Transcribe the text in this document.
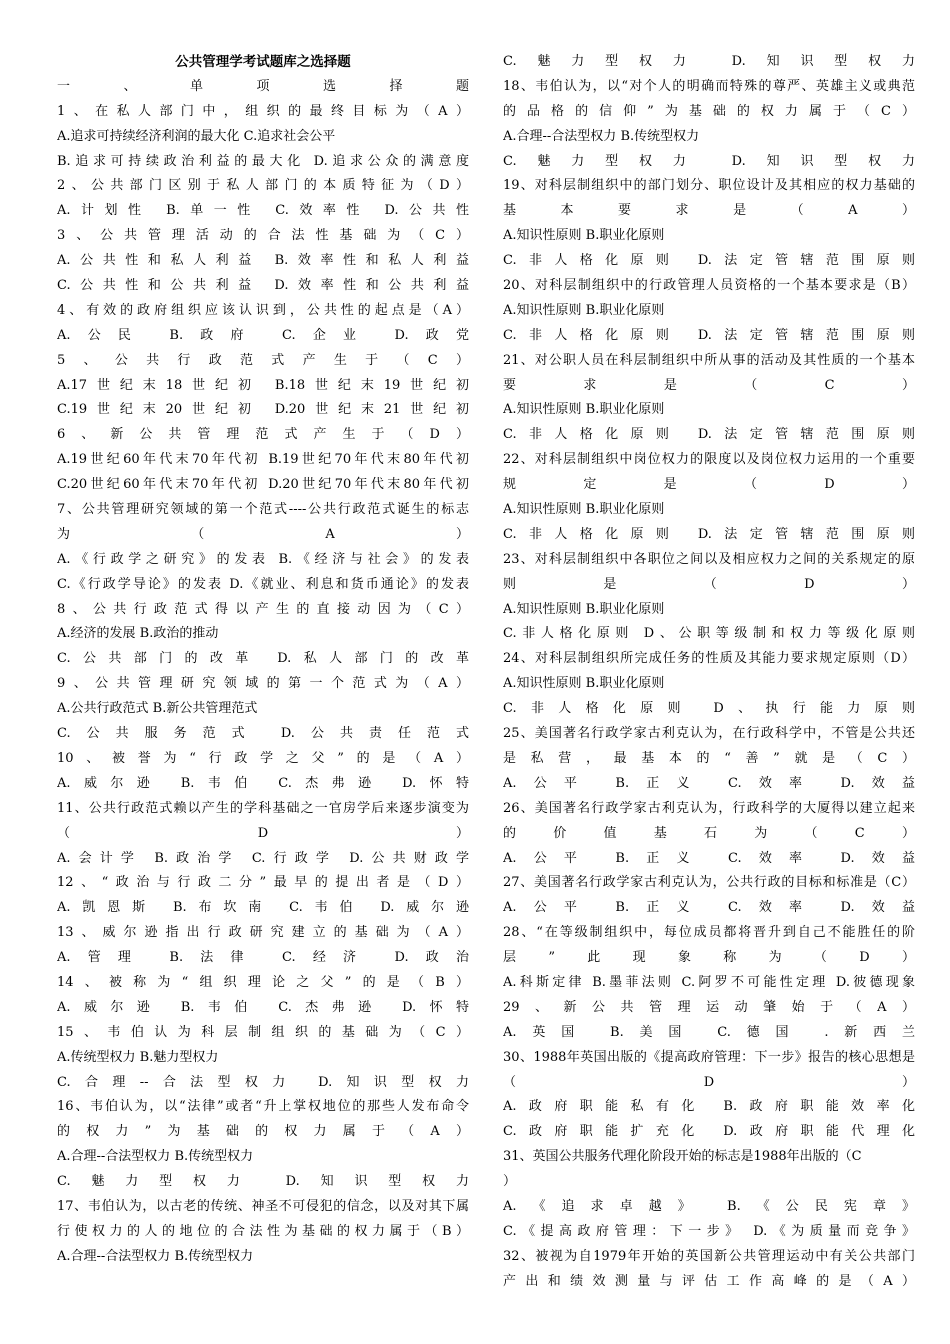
公共管理学考试题库之选择题
一、单项选择题
1、在私人部门中，组织的最终目标为（A）
A.追求可持续经济利润的最大化 C.追求社会公平
B.追求可持续政治利益的最大化 D.追求公众的满意度
2、公共部门区别于私人部门的本质特征为（D）
A.计划性 B.单一性 C.效率性 D.公共性
3、公共管理活动的合法性基础为（C）
A.公共性和私人利益 B.效率性和私人利益
C.公共性和公共利益 D.效率性和公共利益
4、有效的政府组织应该认识到，公共性的起点是（A）
A.公民 B.政府 C.企业 D.政党
5、公共行政范式产生于（C）
A.17世纪末18世纪初 B.18世纪末19世纪初
C.19世纪末20世纪初 D.20世纪末21世纪初
6、新公共管理范式产生于（D）
A.19世纪60年代末70年代初 B.19世纪70年代末80年代初
C.20世纪60年代末70年代初 D.20世纪70年代末80年代初
7、公共管理研究领域的第一个范式----公共行政范式诞生的标志
为（A）
A.《行政学之研究》的发表 B.《经济与社会》的发表
C.《行政学导论》的发表 D.《就业、利息和货币通论》的发表
8、公共行政范式得以产生的直接动因为（C）
A.经济的发展 B.政治的推动
C.公共部门的改革 D.私人部门的改革
9、公共管理研究领域的第一个范式为（A）
A.公共行政范式 B.新公共管理范式
C.公共服务范式 D.公共责任范式
10、被誉为“行政学之父”的是（A）
A.威尔逊 B.韦伯 C.杰弗逊 D.怀特
11、公共行政范式赖以产生的学科基础之一官房学后来逐步演变为
（D）
A.会计学 B.政治学 C.行政学 D.公共财政学
12、“政治与行政二分”最早的提出者是（D）
A.凯恩斯 B.布坎南 C.韦伯 D.威尔逊
13、威尔逊指出行政研究建立的基础为（A）
A.管理 B.法律 C.经济 D.政治
14、被称为“组织理论之父”的是（B）
A.威尔逊 B.韦伯 C.杰弗逊 D.怀特
15、韦伯认为科层制组织的基础为（C）
A.传统型权力 B.魅力型权力
C.合理--合法型权力 D.知识型权力
16、韦伯认为，以“法律”或者“升上掌权地位的那些人发布命令
的权力”为基础的权力属于（A）
A.合理--合法型权力 B.传统型权力
C.魅力型权力 D.知识型权力
17、韦伯认为，以古老的传统、神圣不可侵犯的信念，以及对其下属
行使权力的人的地位的合法性为基础的权力属于（B）
A.合理--合法型权力 B.传统型权力
C.魅力型权力 D.知识型权力
18、韦伯认为，以“对个人的明确而特殊的尊严、英雄主义或典范
的品格的信仰”为基础的权力属于（C）
A.合理--合法型权力 B.传统型权力
C.魅力型权力 D.知识型权力
19、对科层制组织中的部门划分、职位设计及其相应的权力基础的
基本要求是（A）
A.知识性原则 B.职业化原则
C.非人格化原则 D.法定管辖范围原则
20、对科层制组织中的行政管理人员资格的一个基本要求是（B）
A.知识性原则 B.职业化原则
C.非人格化原则 D.法定管辖范围原则
21、对公职人员在科层制组织中所从事的活动及其性质的一个基本
要求是（C）
A.知识性原则 B.职业化原则
C.非人格化原则 D.法定管辖范围原则
22、对科层制组织中岗位权力的限度以及岗位权力运用的一个重要
规定是（D）
A.知识性原则 B.职业化原则
C.非人格化原则 D.法定管辖范围原则
23、对科层制组织中各职位之间以及相应权力之间的关系规定的原
则是（D）
A.知识性原则 B.职业化原则
C.非人格化原则 D、公职等级制和权力等级化原则
24、对科层制组织所完成任务的性质及其能力要求规定原则（D）
A.知识性原则 B.职业化原则
C.非人格化原则 D、执行能力原则
25、美国著名行政学家古利克认为，在行政科学中，不管是公共还
是私营，最基本的“善”就是（C）
A.公平 B.正义 C.效率 D.效益
26、美国著名行政学家古利克认为，行政科学的大厦得以建立起来
的价值基石为（C）
A.公平 B.正义 C.效率 D.效益
27、美国著名行政学家古利克认为，公共行政的目标和标准是（C）
A.公平 B.正义 C.效率 D.效益
28、“在等级制组织中，每位成员都将晋升到自己不能胜任的阶
层”此现象称为（D）
A.科斯定律 B.墨菲法则 C.阿罗不可能性定理 D.彼德现象
29、新公共管理运动肇始于（A）
A.英国 B.美国 C.德国 .新西兰
30、1988年英国出版的《提高政府管理：下一步》报告的核心思想是
（D）
A.政府职能私有化 B.政府职能效率化
C.政府职能扩充化 D.政府职能代理化
31、英国公共服务代理化阶段开始的标志是1988年出版的（C
）
A.《追求卓越》 B.《公民宪章》
C.《提高政府管理：下一步》 D.《为质量而竞争》
32、被视为自1979年开始的英国新公共管理运动中有关公共部门
产出和绩效测量与评估工作高峰的是（A）
